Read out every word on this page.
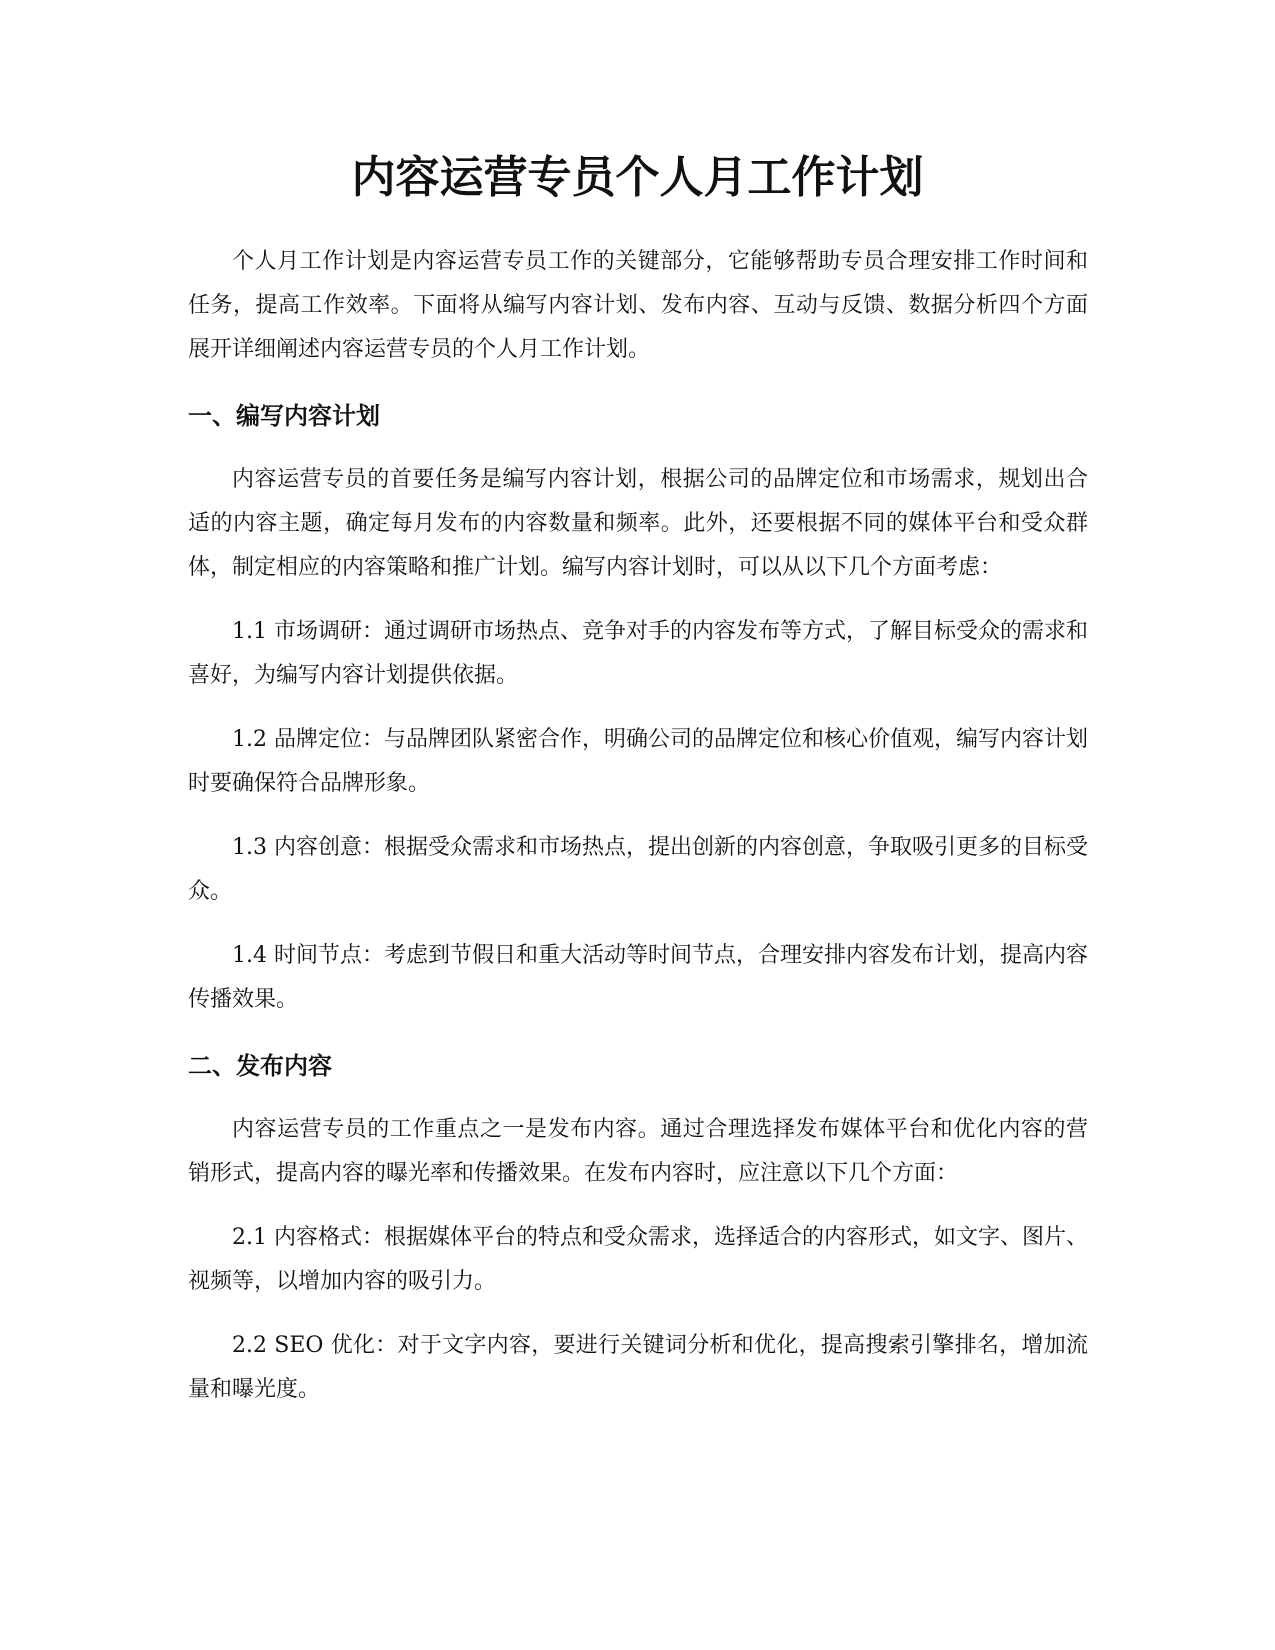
内容运营专员个人月工作计划

个人月工作计划是内容运营专员工作的关键部分，它能够帮助专员合理安排工作时间和任务，提高工作效率。下面将从编写内容计划、发布内容、互动与反馈、数据分析四个方面展开详细阐述内容运营专员的个人月工作计划。

一、编写内容计划

内容运营专员的首要任务是编写内容计划，根据公司的品牌定位和市场需求，规划出合适的内容主题，确定每月发布的内容数量和频率。此外，还要根据不同的媒体平台和受众群体，制定相应的内容策略和推广计划。编写内容计划时，可以从以下几个方面考虑：

1.1 市场调研：通过调研市场热点、竞争对手的内容发布等方式，了解目标受众的需求和喜好，为编写内容计划提供依据。

1.2 品牌定位：与品牌团队紧密合作，明确公司的品牌定位和核心价值观，编写内容计划时要确保符合品牌形象。

1.3 内容创意：根据受众需求和市场热点，提出创新的内容创意，争取吸引更多的目标受众。

1.4 时间节点：考虑到节假日和重大活动等时间节点，合理安排内容发布计划，提高内容传播效果。

二、发布内容

内容运营专员的工作重点之一是发布内容。通过合理选择发布媒体平台和优化内容的营销形式，提高内容的曝光率和传播效果。在发布内容时，应注意以下几个方面：

2.1 内容格式：根据媒体平台的特点和受众需求，选择适合的内容形式，如文字、图片、视频等，以增加内容的吸引力。

2.2 SEO 优化：对于文字内容，要进行关键词分析和优化，提高搜索引擎排名，增加流量和曝光度。
